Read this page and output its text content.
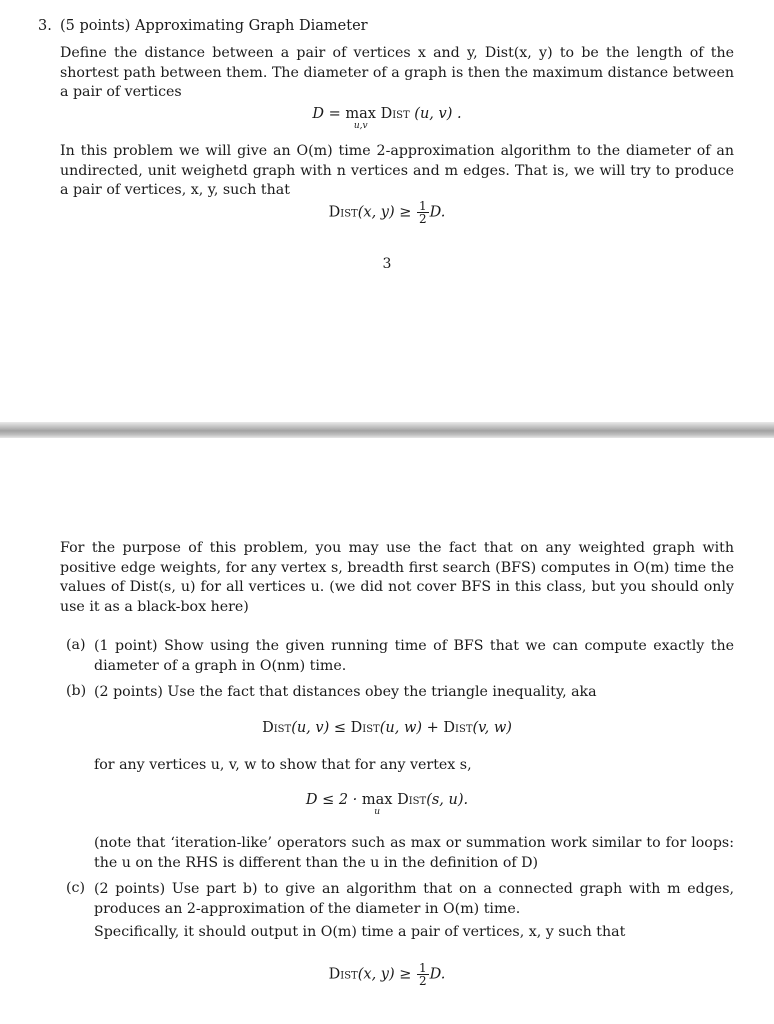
3. (5 points) Approximating Graph Diameter

Define the distance between a pair of vertices x and y, Dist(x, y) to be the length of the shortest path between them. The diameter of a graph is then the maximum distance between a pair of vertices

D = max
u,v
Dist (u, v) .

In this problem we will give an O(m) time 2-approximation algorithm to the diameter of an undirected, unit weighetd graph with n vertices and m edges. That is, we will try to produce a pair of vertices, x, y, such that

Dist(x, $y) \ge \frac{1}{2} D$.

3

For the purpose of this problem, you may use the fact that on any weighted graph with positive edge weights, for any vertex s, breadth first search (BFS) computes in O(m) time the values of Dist(s, u) for all vertices u. (we did not cover BFS in this class, but you should only use it as a black-box here)

(a) (1 point) Show using the given running time of BFS that we can compute exactly the diameter of a graph in O(nm) time.

(b) (2 points) Use the fact that distances obey the triangle inequality, aka

Dist(u, v) ≤ Dist(u, w) + Dist(v, w)

for any vertices u, v, w to show that for any vertex s,

D ≤ 2 · max
u
Dist(s, u).

(note that ‘iteration-like’ operators such as max or summation work similar to for loops: the u on the RHS is different than the u in the definition of D)

(c) (2 points) Use part b) to give an algorithm that on a connected graph with m edges, produces an 2-approximation of the diameter in O(m) time.

Specifically, it should output in O(m) time a pair of vertices, x, y such that

Dist(x, $y) \ge \frac{1}{2} D$.
